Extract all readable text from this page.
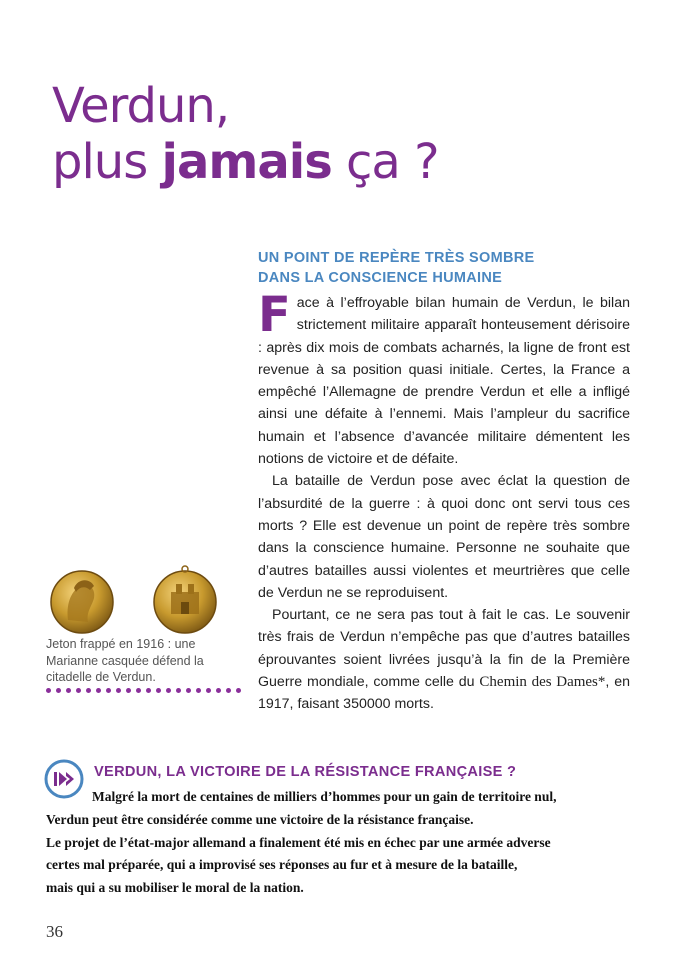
Verdun,
plus jamais ça ?
UN POINT DE REPÈRE TRÈS SOMBRE
DANS LA CONSCIENCE HUMAINE

Face à l’effroyable bilan humain de Verdun, le bilan strictement militaire apparaît honteusement dérisoire : après dix mois de combats acharnés, la ligne de front est revenue à sa position quasi initiale. Certes, la France a empêché l’Allemagne de prendre Verdun et elle a infligé ainsi une défaite à l’ennemi. Mais l’ampleur du sacrifice humain et l’absence d’avancée militaire démentent les notions de victoire et de défaite.

La bataille de Verdun pose avec éclat la question de l’absurdité de la guerre : à quoi donc ont servi tous ces morts ? Elle est devenue un point de repère très sombre dans la conscience humaine. Personne ne souhaite que d’autres batailles aussi violentes et meurtrières que celle de Verdun ne se reproduisent.

Pourtant, ce ne sera pas tout à fait le cas. Le souvenir très frais de Verdun n’empêche pas que d’autres batailles éprouvantes soient livrées jusqu’à la fin de la Première Guerre mondiale, comme celle du Chemin des Dames*, en 1917, faisant 350000 morts.

Jeton frappé en 1916 : une Marianne casquée défend la citadelle de Verdun.
VERDUN, LA VICTOIRE DE LA RÉSISTANCE FRANÇAISE ?
Malgré la mort de centaines de milliers d’hommes pour un gain de territoire nul,
Verdun peut être considérée comme une victoire de la résistance française.
Le projet de l’état-major allemand a finalement été mis en échec par une armée adverse
certes mal préparée, qui a improvisé ses réponses au fur et à mesure de la bataille,
mais qui a su mobiliser le moral de la nation.
36
